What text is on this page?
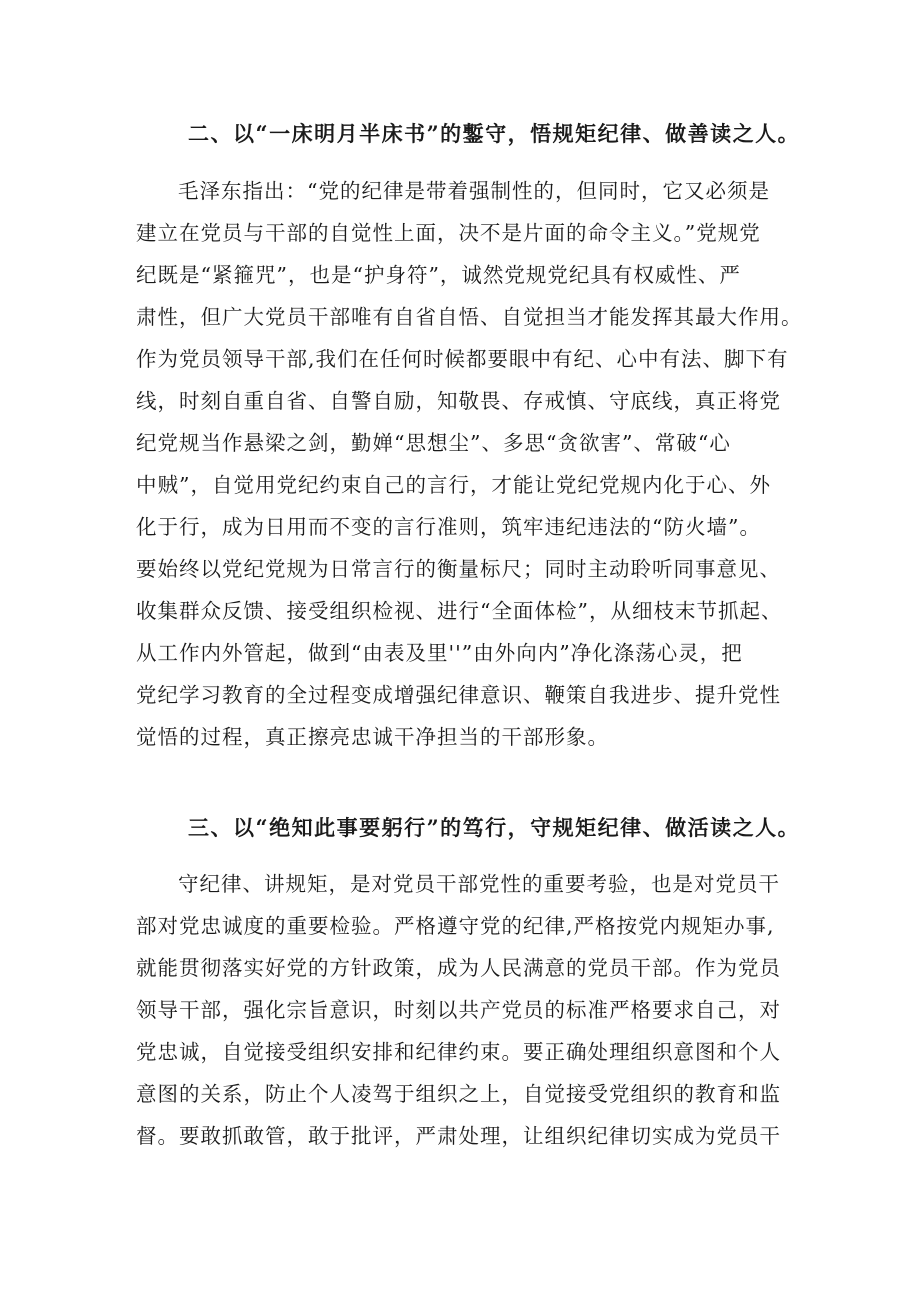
二、以“一床明月半床书”的鏨守，悟规矩纪律、做善读之人。
毛泽东指出：“党的纪律是带着强制性的，但同时，它又必须是
建立在党员与干部的自觉性上面，决不是片面的命令主义。”党规党
纪既是“紧箍咒”，也是“护身符”，诚然党规党纪具有权威性、严
肃性，但广大党员干部唯有自省自悟、自觉担当才能发挥其最大作用。
作为党员领导干部,我们在任何时候都要眼中有纪、心中有法、脚下有
线，时刻自重自省、自警自励，知敬畏、存戒慎、守底线，真正将党
纪党规当作悬梁之剑，勤婵“思想尘”、多思“贪欲害”、常破“心
中贼”，自觉用党纪约束自己的言行，才能让党纪党规内化于心、外
化于行，成为日用而不变的言行准则，筑牢违纪违法的“防火墙”。
要始终以党纪党规为日常言行的衡量标尺；同时主动聆听同事意见、
收集群众反馈、接受组织检视、进行“全面体检”，从细枝末节抓起、
从工作内外管起，做到“由表及里''”由外向内”净化涤荡心灵，把
党纪学习教育的全过程变成增强纪律意识、鞭策自我进步、提升党性
觉悟的过程，真正擦亮忠诚干净担当的干部形象。
三、以“绝知此事要躬行”的笃行，守规矩纪律、做活读之人。
守纪律、讲规矩，是对党员干部党性的重要考验，也是对党员干
部对党忠诚度的重要检验。严格遵守党的纪律,严格按党内规矩办事,
就能贯彻落实好党的方针政策，成为人民满意的党员干部。作为党员
领导干部，强化宗旨意识，时刻以共产党员的标准严格要求自己，对
党忠诚，自觉接受组织安排和纪律约束。要正确处理组织意图和个人
意图的关系，防止个人凌驾于组织之上，自觉接受党组织的教育和监
督。要敢抓敢管，敢于批评，严肃处理，让组织纪律切实成为党员干
